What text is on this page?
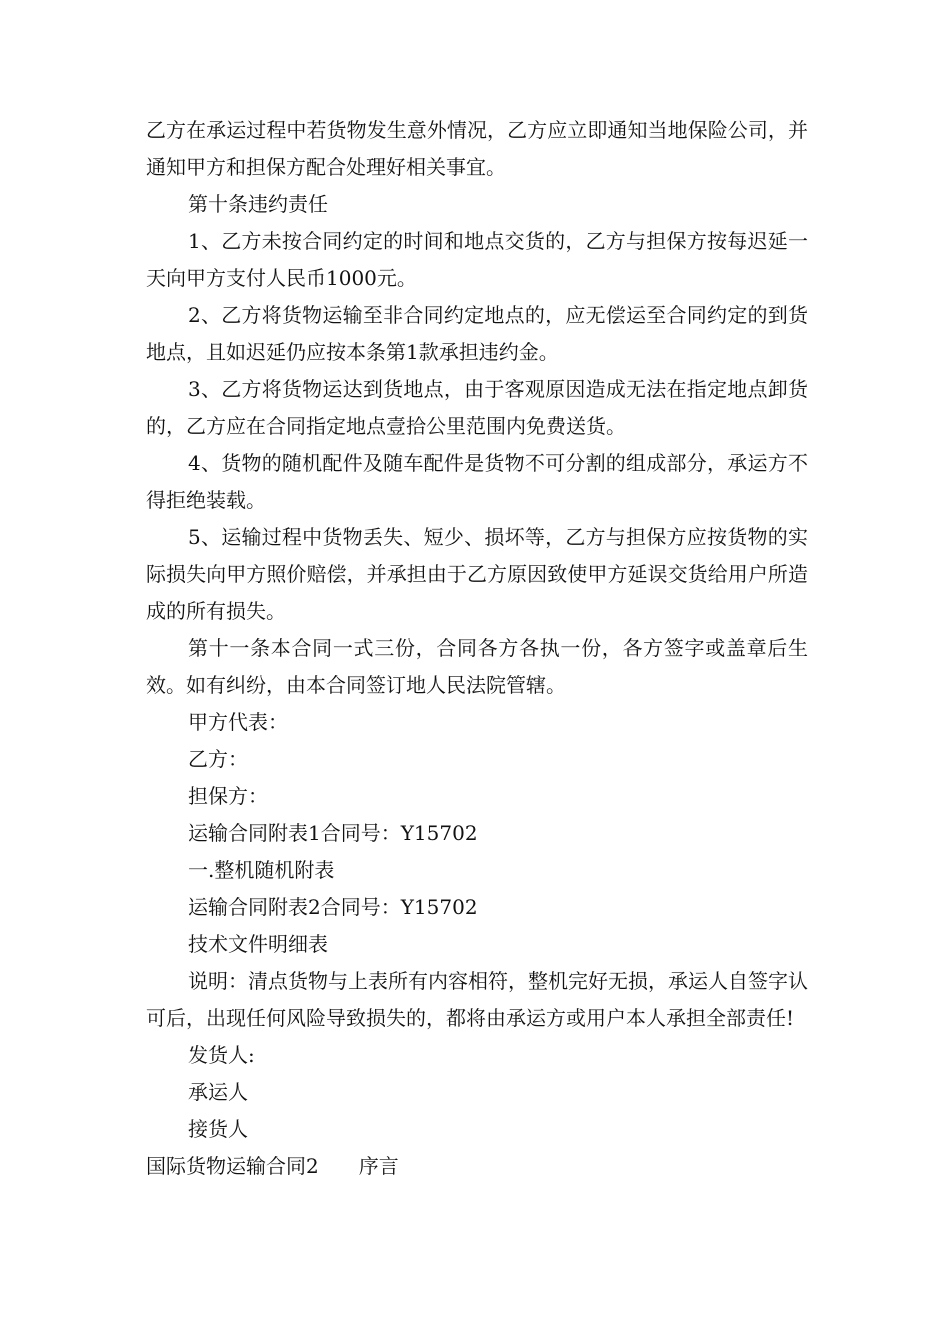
乙方在承运过程中若货物发生意外情况，乙方应立即通知当地保险公司，并通知甲方和担保方配合处理好相关事宜。

第十条违约责任

1、乙方未按合同约定的时间和地点交货的，乙方与担保方按每迟延一天向甲方支付人民币1000元。

2、乙方将货物运输至非合同约定地点的，应无偿运至合同约定的到货地点，且如迟延仍应按本条第1款承担违约金。

3、乙方将货物运达到货地点，由于客观原因造成无法在指定地点卸货的，乙方应在合同指定地点壹拾公里范围内免费送货。

4、货物的随机配件及随车配件是货物不可分割的组成部分，承运方不得拒绝装载。

5、运输过程中货物丢失、短少、损坏等，乙方与担保方应按货物的实际损失向甲方照价赔偿，并承担由于乙方原因致使甲方延误交货给用户所造成的所有损失。

第十一条本合同一式三份，合同各方各执一份，各方签字或盖章后生效。如有纠纷，由本合同签订地人民法院管辖。

甲方代表：

乙方：

担保方：

运输合同附表1合同号：Y15702

一.整机随机附表

运输合同附表2合同号：Y15702

技术文件明细表

说明：清点货物与上表所有内容相符，整机完好无损，承运人自签字认可后，出现任何风险导致损失的，都将由承运方或用户本人承担全部责任!

发货人:

承运人

接货人

国际货物运输合同2 序言
